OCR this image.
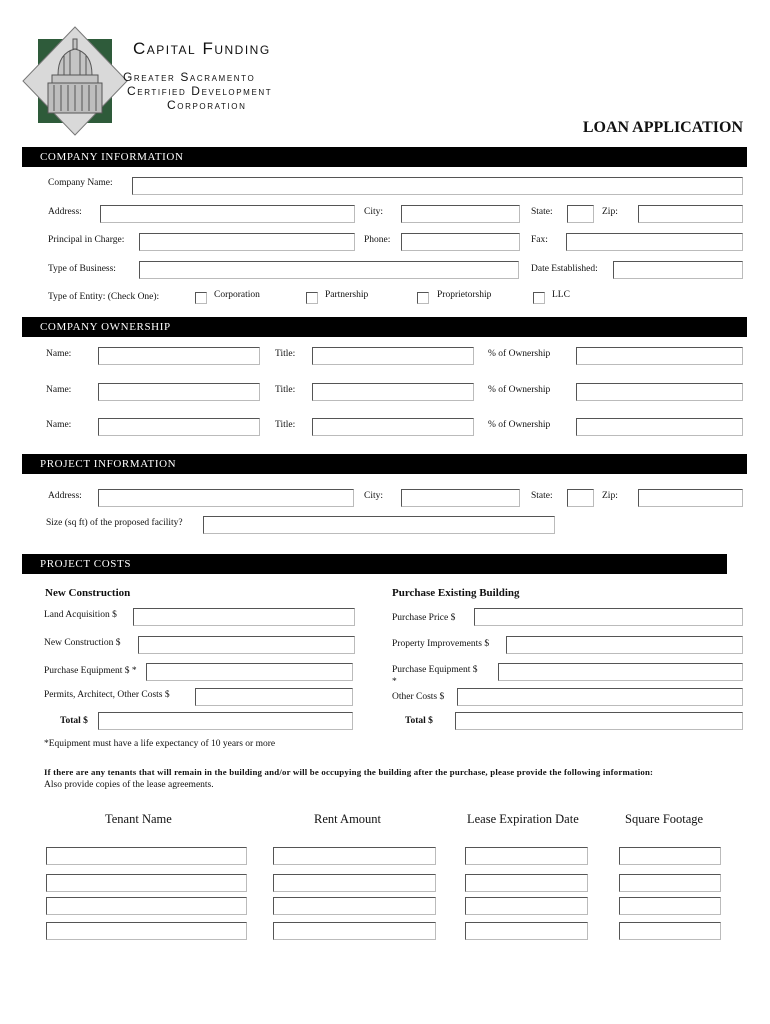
Capital Funding
Greater Sacramento
Certified Development
Corporation
LOAN APPLICATION
COMPANY INFORMATION
Company Name:
Address:	City:	State:	Zip:
Principal in Charge:	Phone:	Fax:
Type of Business:	Date Established:
Type of Entity: (Check One):	Corporation	Partnership	Proprietorship	LLC
COMPANY OWNERSHIP
Name:	Title:	% of Ownership
Name:	Title:	% of Ownership
Name:	Title:	% of Ownership
PROJECT INFORMATION
Address:	City:	State:	Zip:
Size (sq ft) of the proposed facility?
PROJECT COSTS
New Construction	Purchase Existing Building
Land Acquisition $	Purchase Price $
New Construction $	Property Improvements $
Purchase Equipment $ *	Purchase Equipment $
*
Permits, Architect, Other Costs $	Other Costs $
Total $	Total $
*Equipment must have a life expectancy of 10 years or more
If there are any tenants that will remain in the building and/or will be occupying the building after the purchase, please provide the following information:
Also provide copies of the lease agreements.
Tenant Name	Rent Amount	Lease Expiration Date	Square Footage
